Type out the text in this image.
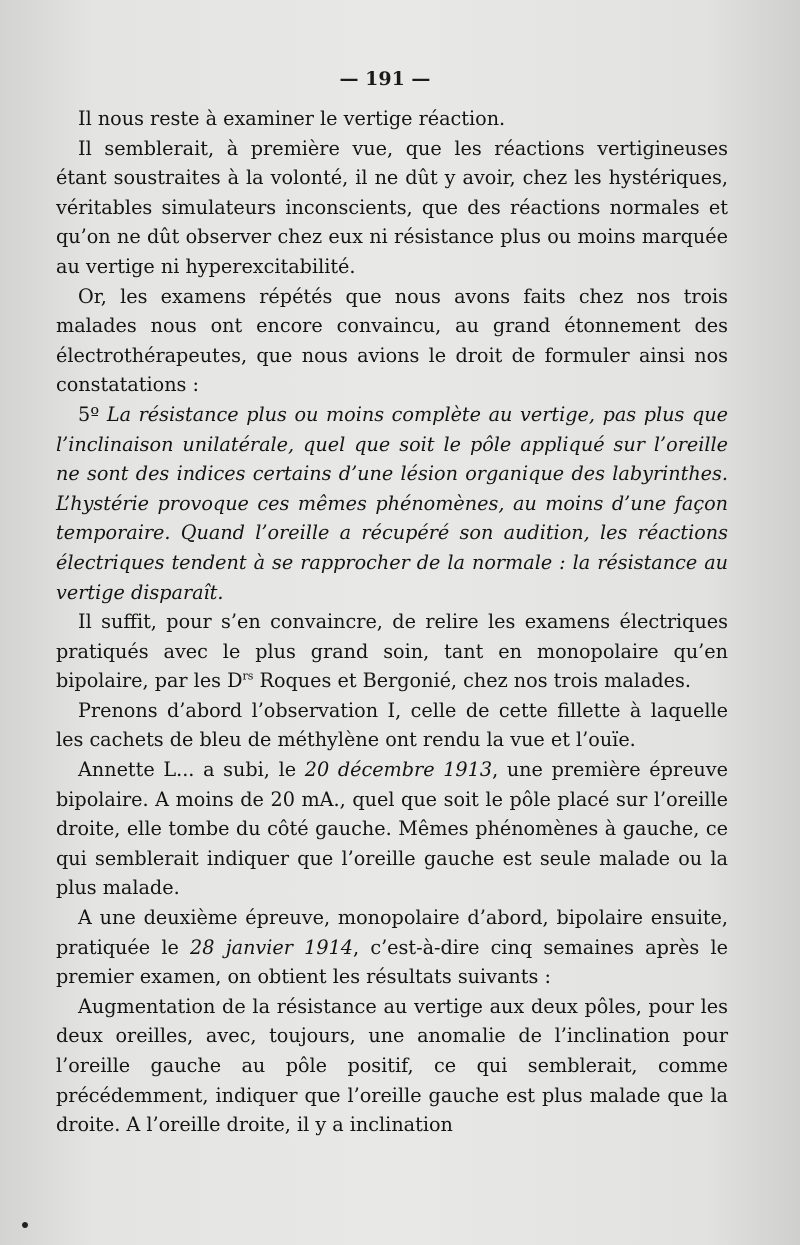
— 191 —

Il nous reste à examiner le vertige réaction.

Il semblerait, à première vue, que les réactions vertigineuses étant soustraites à la volonté, il ne dût y avoir, chez les hystériques, véritables simulateurs inconscients, que des réactions normales et qu’on ne dût observer chez eux ni résistance plus ou moins marquée au vertige ni hyperexcitabilité.

Or, les examens répétés que nous avons faits chez nos trois malades nous ont encore convaincu, au grand étonnement des électrothérapeutes, que nous avions le droit de formuler ainsi nos constatations :

5º La résistance plus ou moins complète au vertige, pas plus que l’inclinaison unilatérale, quel que soit le pôle appliqué sur l’oreille ne sont des indices certains d’une lésion organique des labyrinthes. L’hystérie provoque ces mêmes phénomènes, au moins d’une façon temporaire. Quand l’oreille a récupéré son audition, les réactions électriques tendent à se rapprocher de la normale : la résistance au vertige disparaît.

Il suffit, pour s’en convaincre, de relire les examens électriques pratiqués avec le plus grand soin, tant en monopolaire qu’en bipolaire, par les $D^{rs}$ Roques et Bergonié, chez nos trois malades.

Prenons d’abord l’observation I, celle de cette fillette à laquelle les cachets de bleu de méthylène ont rendu la vue et l’ouïe.

Annette L... a subi, le 20 décembre 1913, une première épreuve bipolaire. A moins de 20 mA., quel que soit le pôle placé sur l’oreille droite, elle tombe du côté gauche. Mêmes phénomènes à gauche, ce qui semblerait indiquer que l’oreille gauche est seule malade ou la plus malade.

A une deuxième épreuve, monopolaire d’abord, bipolaire ensuite, pratiquée le 28 janvier 1914, c’est-à-dire cinq semaines après le premier examen, on obtient les résultats suivants :

Augmentation de la résistance au vertige aux deux pôles, pour les deux oreilles, avec, toujours, une anomalie de l’inclination pour l’oreille gauche au pôle positif, ce qui semblerait, comme précédemment, indiquer que l’oreille gauche est plus malade que la droite. A l’oreille droite, il y a inclination
